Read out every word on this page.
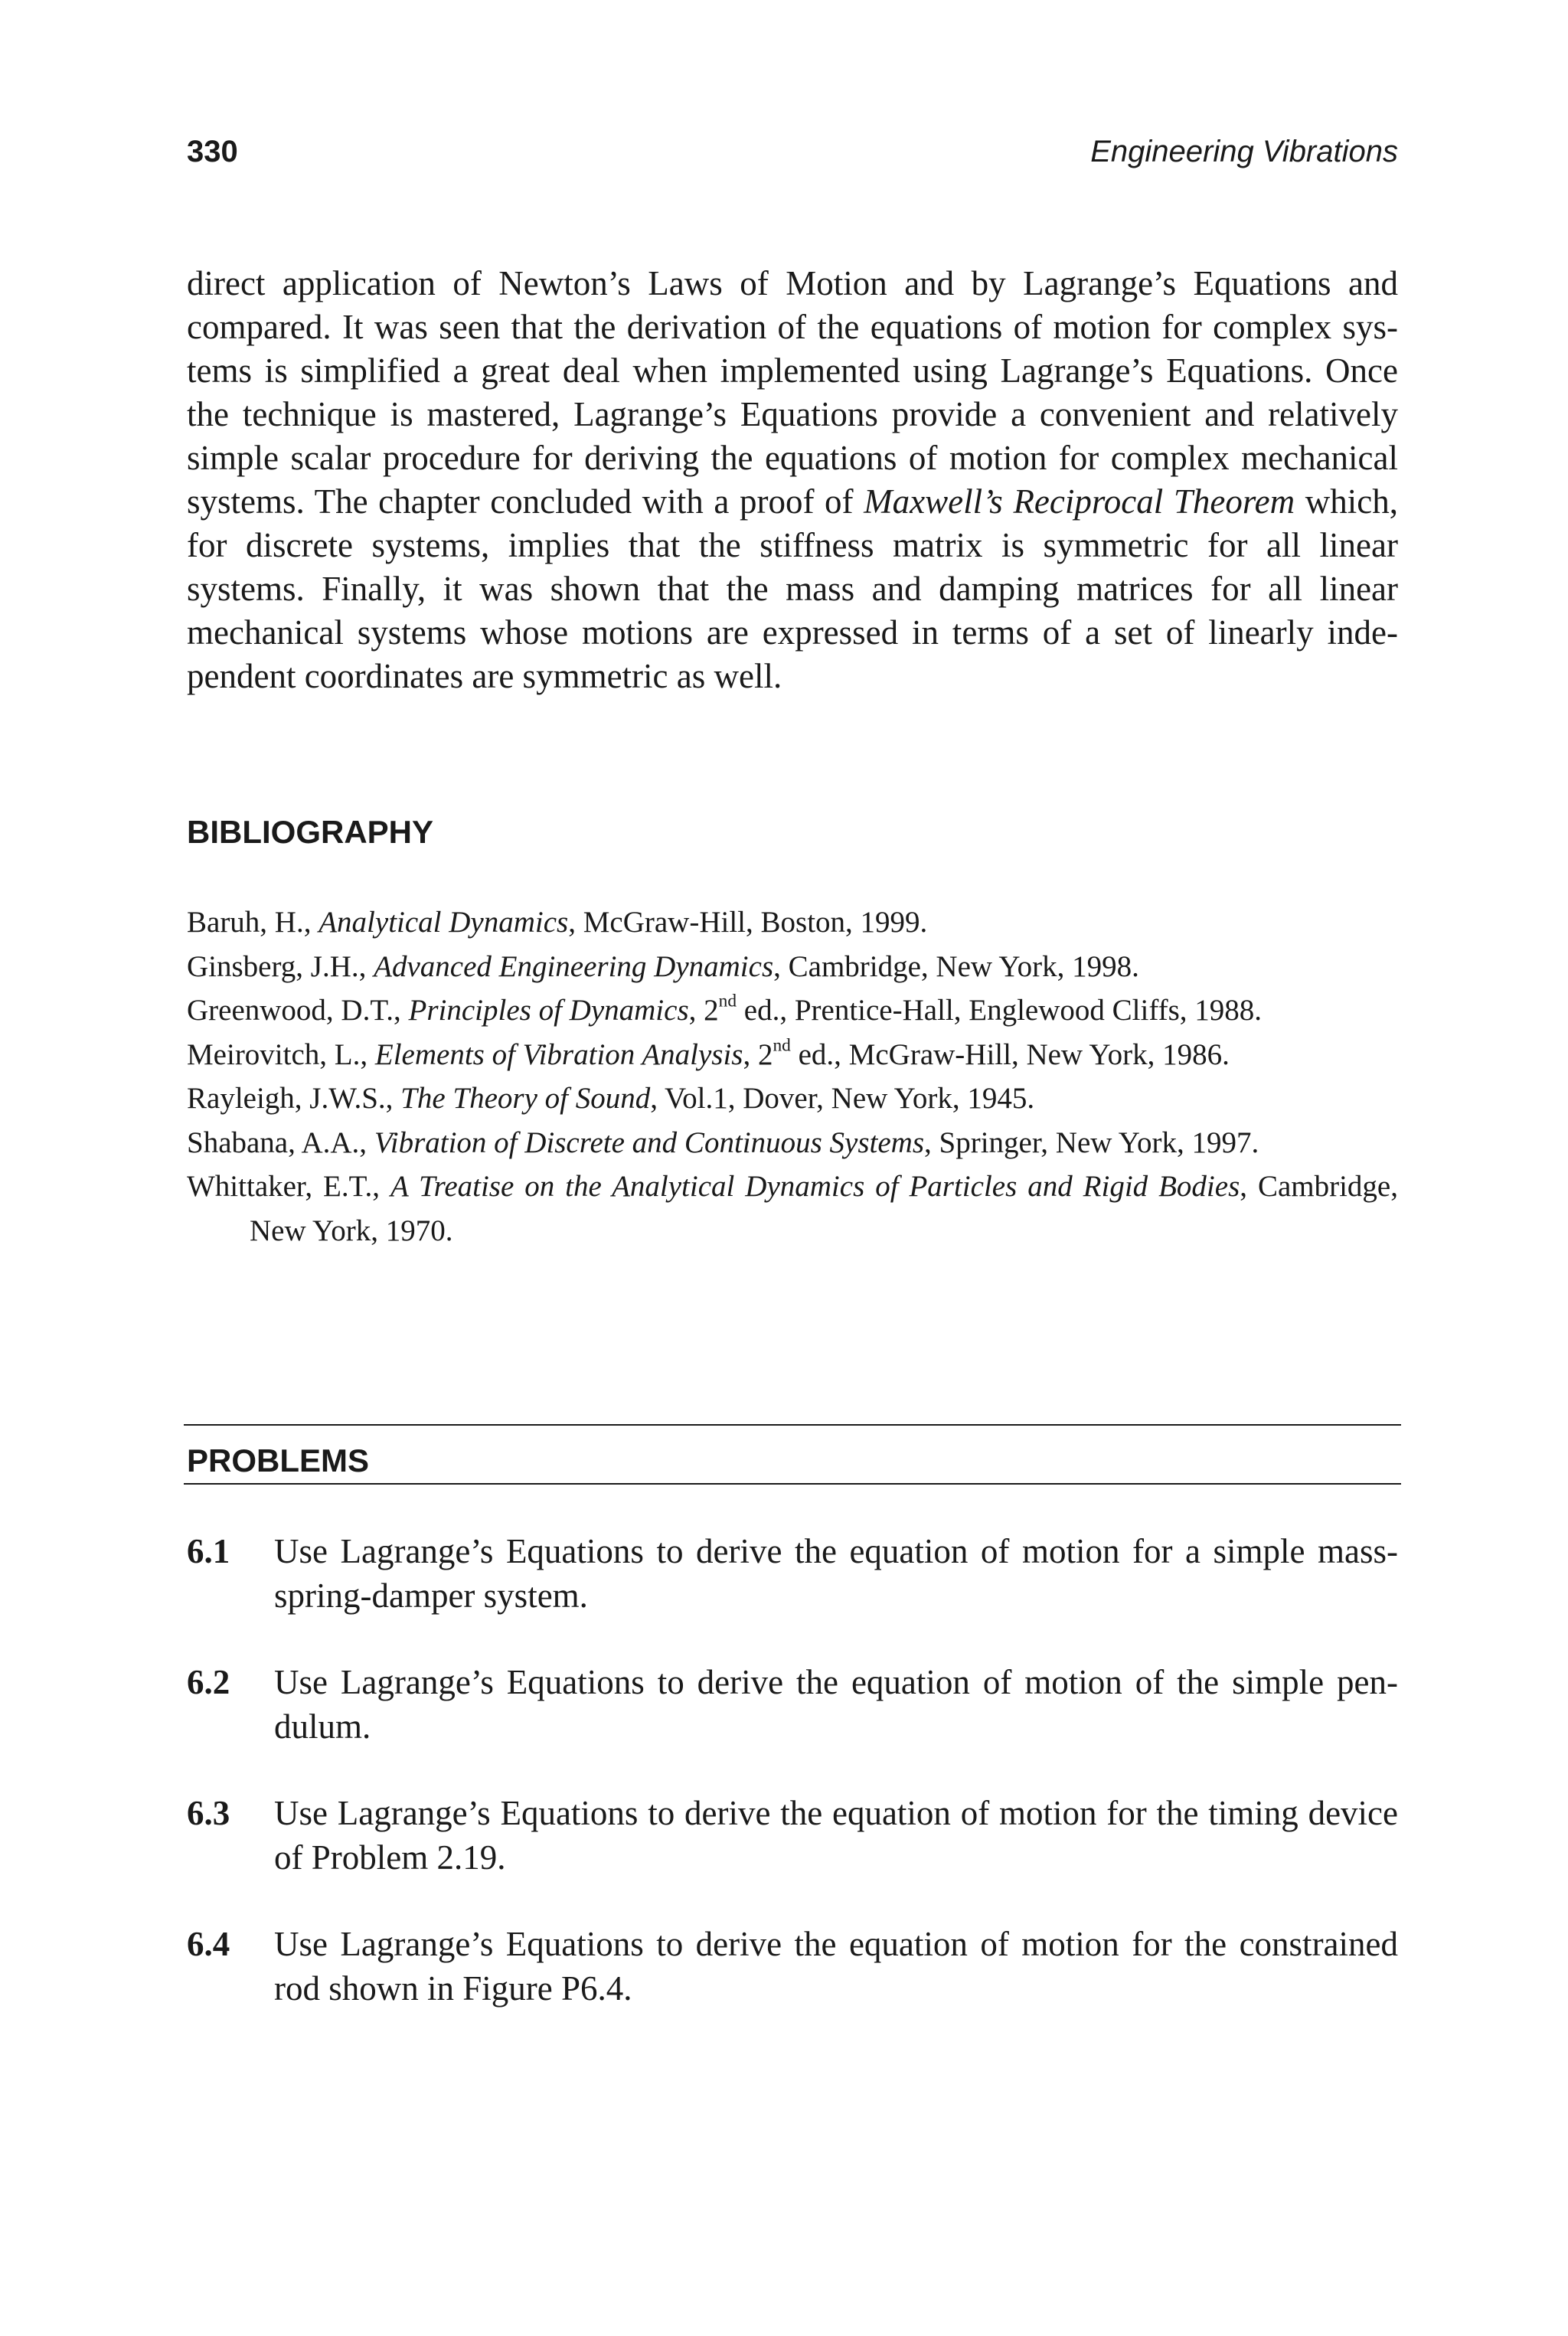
330	Engineering Vibrations

direct application of Newton’s Laws of Motion and by Lagrange’s Equations and compared. It was seen that the derivation of the equations of motion for complex systems is simplified a great deal when implemented using Lagrange’s Equations. Once the technique is mastered, Lagrange’s Equations provide a convenient and relatively simple scalar procedure for deriving the equations of motion for complex mechanical systems. The chapter concluded with a proof of Maxwell’s Reciprocal Theorem which, for discrete systems, implies that the stiffness matrix is symmetric for all linear systems. Finally, it was shown that the mass and damping matrices for all linear mechanical systems whose motions are expressed in terms of a set of linearly independent coordinates are symmetric as well.

BIBLIOGRAPHY
Baruh, H., Analytical Dynamics, McGraw-Hill, Boston, 1999.
Ginsberg, J.H., Advanced Engineering Dynamics, Cambridge, New York, 1998.
Greenwood, D.T., Principles of Dynamics, 2nd ed., Prentice-Hall, Englewood Cliffs, 1988.
Meirovitch, L., Elements of Vibration Analysis, 2nd ed., McGraw-Hill, New York, 1986.
Rayleigh, J.W.S., The Theory of Sound, Vol.1, Dover, New York, 1945.
Shabana, A.A., Vibration of Discrete and Continuous Systems, Springer, New York, 1997.
Whittaker, E.T., A Treatise on the Analytical Dynamics of Particles and Rigid Bodies, Cambridge, New York, 1970.
PROBLEMS
6.1	Use Lagrange’s Equations to derive the equation of motion for a simple mass-spring-damper system.
6.2	Use Lagrange’s Equations to derive the equation of motion of the simple pendulum.
6.3	Use Lagrange’s Equations to derive the equation of motion for the timing device of Problem 2.19.
6.4	Use Lagrange’s Equations to derive the equation of motion for the constrained rod shown in Figure P6.4.
